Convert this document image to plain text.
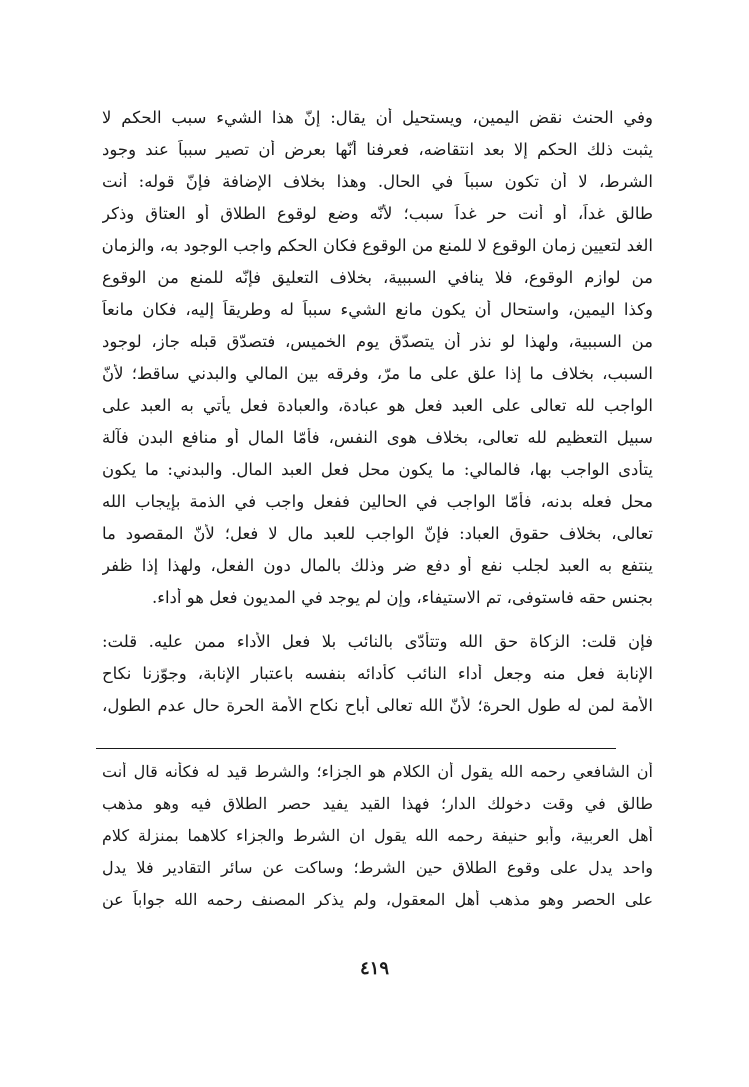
وفي الحنث نقض اليمين، ويستحيل أن يقال: إنّ هذا الشيء سبب الحكم لا
يثبت ذلك الحكم إلا بعد انتقاضه، فعرفنا أنّها بعرض أن تصير سبباً عند وجود
الشرط، لا أن تكون سبباً في الحال. وهذا بخلاف الإضافة فإنّ قوله: أنت
طالق غداً، أو أنت حر غداً سبب؛ لأنّه وضع لوقوع الطلاق أو العتاق وذكر
الغد لتعيين زمان الوقوع لا للمنع من الوقوع فكان الحكم واجب الوجود به، والزمان
من لوازم الوقوع، فلا ينافي السببية، بخلاف التعليق فإنّه للمنع من الوقوع
وكذا اليمين، واستحال أن يكون مانع الشيء سبباً له وطريقاً إليه، فكان مانعاً
من السببية، ولهذا لو نذر أن يتصدّق يوم الخميس، فتصدّق قبله جاز، لوجود
السبب، بخلاف ما إذا علق على ما مرّ، وفرقه بين المالي والبدني ساقط؛ لأنّ
الواجب لله تعالى على العبد فعل هو عبادة، والعبادة فعل يأتي به العبد على
سبيل التعظيم لله تعالى، بخلاف هوى النفس، فأمّا المال أو منافع البدن فآلة
يتأدى الواجب بها، فالمالي: ما يكون محل فعل العبد المال. والبدني: ما يكون
محل فعله بدنه، فأمّا الواجب في الحالين ففعل واجب في الذمة بإيجاب الله
تعالى، بخلاف حقوق العباد: فإنّ الواجب للعبد مال لا فعل؛ لأنّ المقصود ما
ينتفع به العبد لجلب نفع أو دفع ضر وذلك بالمال دون الفعل، ولهذا إذا ظفر
بجنس حقه فاستوفى، تم الاستيفاء، وإن لم يوجد في المديون فعل هو أداء.
فإن قلت: الزكاة حق الله وتتأدّى بالنائب بلا فعل الأداء ممن عليه. قلت:
الإنابة فعل منه وجعل أداء النائب كأدائه بنفسه باعتبار الإنابة، وجوّزنا نكاح
الأمة لمن له طول الحرة؛ لأنّ الله تعالى أباح نكاح الأمة الحرة حال عدم الطول،
أن الشافعي رحمه الله يقول أن الكلام هو الجزاء؛ والشرط قيد له فكأنه قال أنت
طالق في وقت دخولك الدار؛ فهذا القيد يفيد حصر الطلاق فيه وهو مذهب
أهل العربية، وأبو حنيفة رحمه الله يقول ان الشرط والجزاء كلاهما بمنزلة كلام
واحد يدل على وقوع الطلاق حين الشرط؛ وساكت عن سائر التقادير فلا يدل
على الحصر وهو مذهب أهل المعقول، ولم يذكر المصنف رحمه الله جواباً عن
٤١٩
